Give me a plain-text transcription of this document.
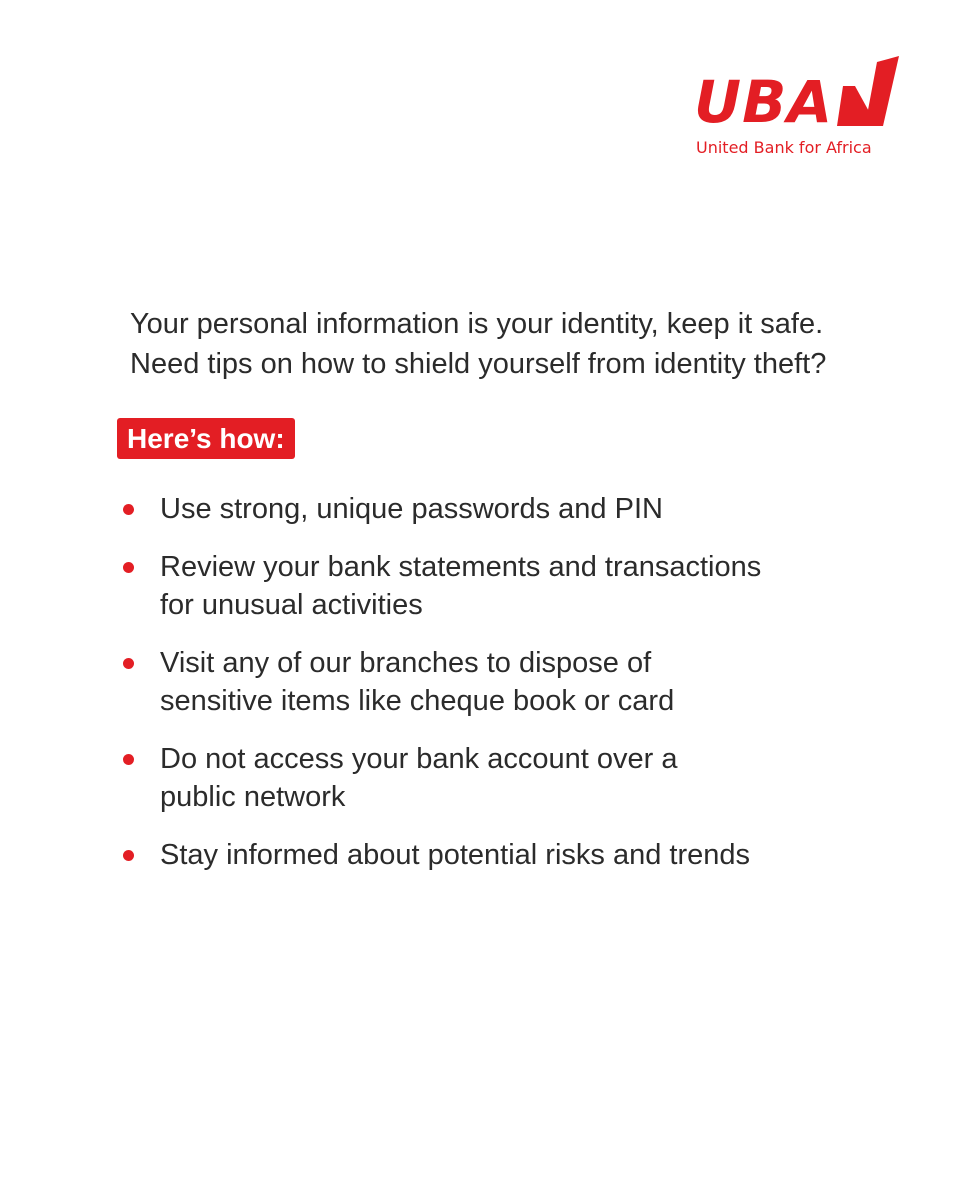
UBA
United Bank for Africa

Your personal information is your identity, keep it safe.

Need tips on how to shield yourself from identity theft?

Here’s how:
Use strong, unique passwords and PIN
Review your bank statements and transactions
for unusual activities
Visit any of our branches to dispose of
sensitive items like cheque book or card
Do not access your bank account over a
public network
Stay informed about potential risks and trends
